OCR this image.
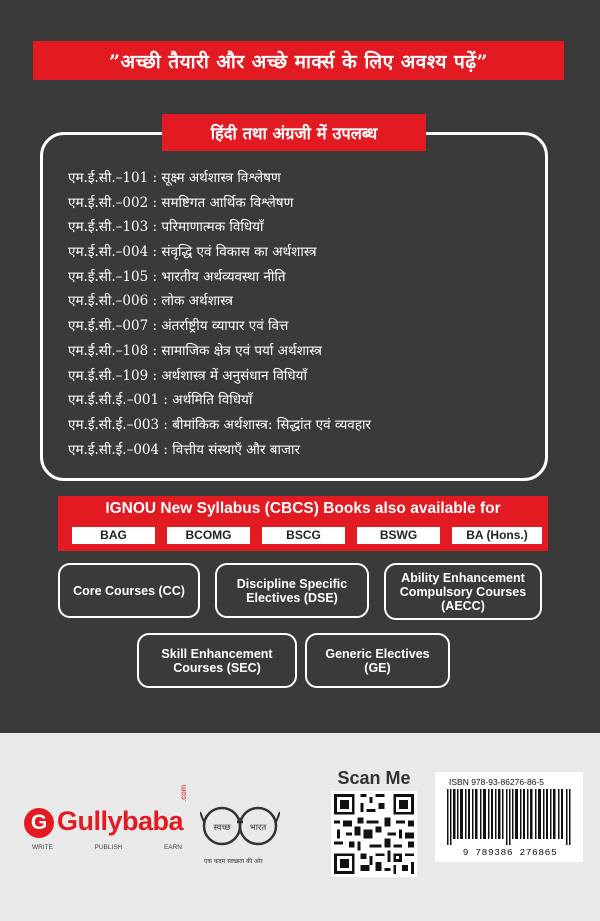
”अच्छी तैयारी और अच्छे मार्क्स के लिए अवश्य पढ़ें”
हिंदी तथा अंग्रजी में उपलब्ध
एम.ई.सी.–101 : सूक्ष्म अर्थशास्त्र विश्लेषण
एम.ई.सी.–002 : समष्टिगत आर्थिक विश्लेषण
एम.ई.सी.–103 : परिमाणात्मक विधियाँ
एम.ई.सी.–004 : संवृद्धि एवं विकास का अर्थशास्त्र
एम.ई.सी.–105 : भारतीय अर्थव्यवस्था नीति
एम.ई.सी.–006 : लोक अर्थशास्त्र
एम.ई.सी.–007 : अंतर्राष्ट्रीय व्यापार एवं वित्त
एम.ई.सी.–108 : सामाजिक क्षेत्र एवं पर्या अर्थशास्त्र
एम.ई.सी.–109 : अर्थशास्त्र में अनुसंधान विधियाँ
एम.ई.सी.ई.–001 : अर्थमिति विधियाँ
एम.ई.सी.ई.–003 : बीमांकिक अर्थशास्त्र: सिद्धांत एवं व्यवहार
एम.ई.सी.ई.–004 : वित्तीय संस्थाएँ और बाजार
IGNOU New Syllabus (CBCS) Books also available for
BAG	BCOMG	BSCG	BSWG	BA (Hons.)
Core Courses (CC)	Discipline Specific Electives (DSE)
Ability Enhancement Compulsory Courses (AECC)
Skill Enhancement Courses (SEC)
Generic Electives (GE)
G Gullybaba
.com
WRITE	PUBLISH	EARN
स्वच्छ भारत
एक कदम स्वच्छता की ओर
Scan Me	ISBN 978-93-86276-86-5
9 789386 276865
